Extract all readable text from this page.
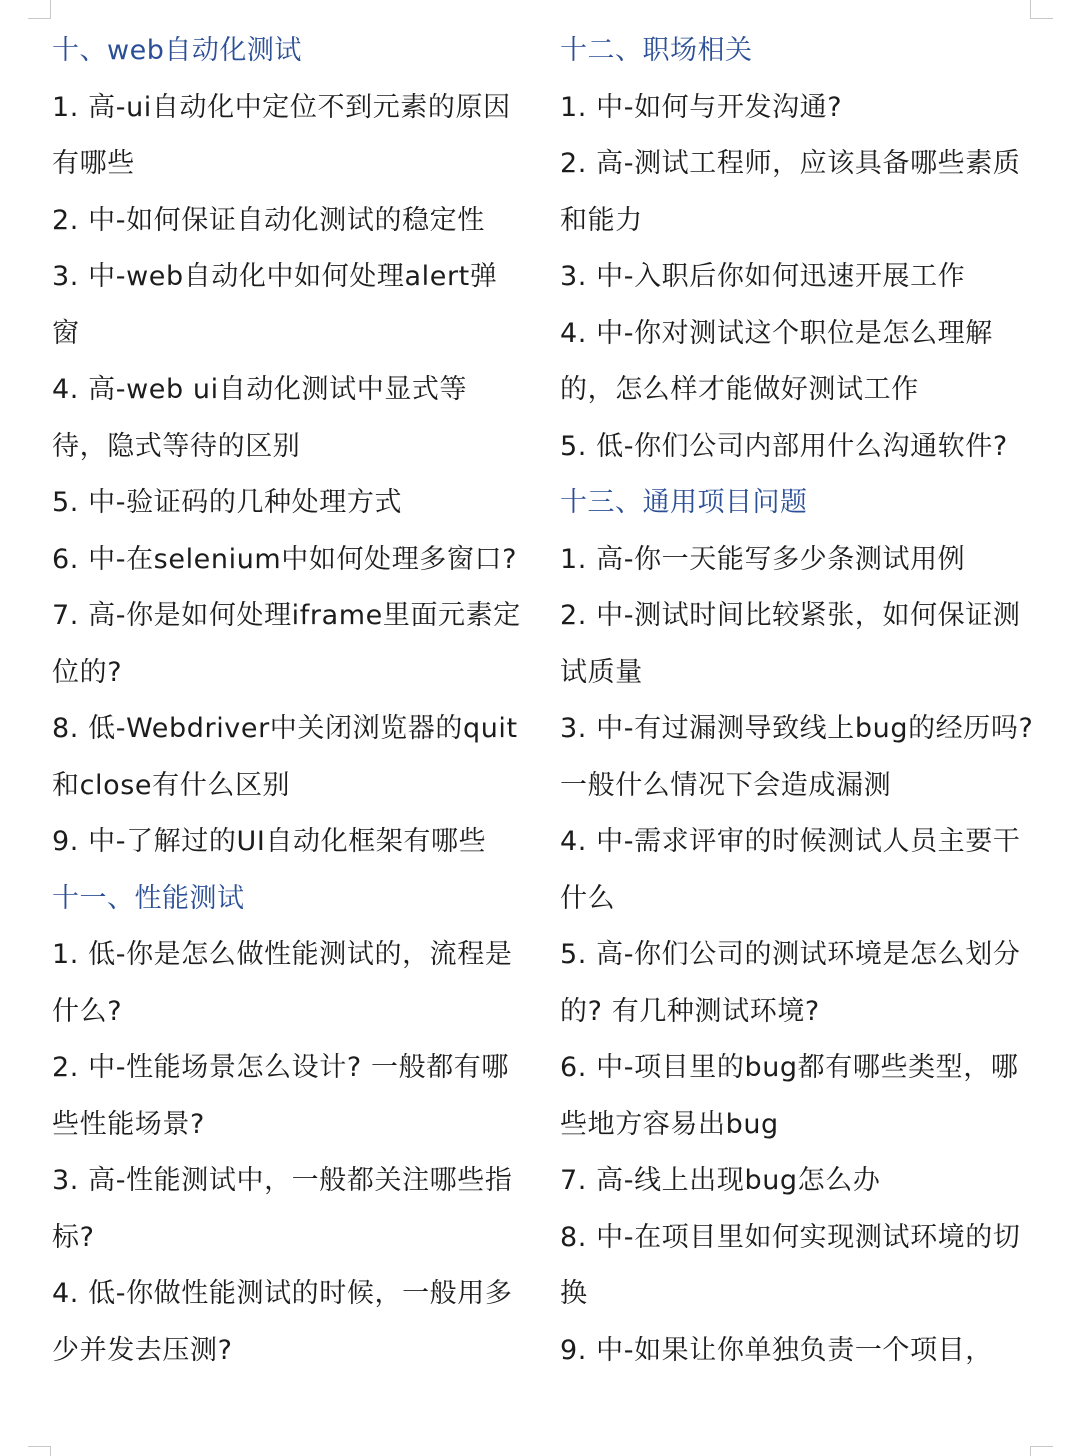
十、web自动化测试
1. 高-ui自动化中定位不到元素的原因有哪些
2. 中-如何保证自动化测试的稳定性
3. 中-web自动化中如何处理alert弹窗
4. 高-web ui自动化测试中显式等待，隐式等待的区别
5. 中-验证码的几种处理方式
6. 中-在selenium中如何处理多窗口?
7. 高-你是如何处理iframe里面元素定位的?
8. 低-Webdriver中关闭浏览器的quit和close有什么区别
9. 中-了解过的UI自动化框架有哪些
十一、性能测试
1. 低-你是怎么做性能测试的，流程是什么?
2. 中-性能场景怎么设计? 一般都有哪些性能场景?
3. 高-性能测试中，一般都关注哪些指标?
4. 低-你做性能测试的时候，一般用多少并发去压测?
十二、职场相关
1. 中-如何与开发沟通?
2. 高-测试工程师，应该具备哪些素质和能力
3. 中-入职后你如何迅速开展工作
4. 中-你对测试这个职位是怎么理解的，怎么样才能做好测试工作
5. 低-你们公司内部用什么沟通软件?
十三、通用项目问题
1. 高-你一天能写多少条测试用例
2. 中-测试时间比较紧张，如何保证测试质量
3. 中-有过漏测导致线上bug的经历吗? 一般什么情况下会造成漏测
4. 中-需求评审的时候测试人员主要干什么
5. 高-你们公司的测试环境是怎么划分的? 有几种测试环境?
6. 中-项目里的bug都有哪些类型，哪些地方容易出bug
7. 高-线上出现bug怎么办
8. 中-在项目里如何实现测试环境的切换
9. 中-如果让你单独负责一个项目，
